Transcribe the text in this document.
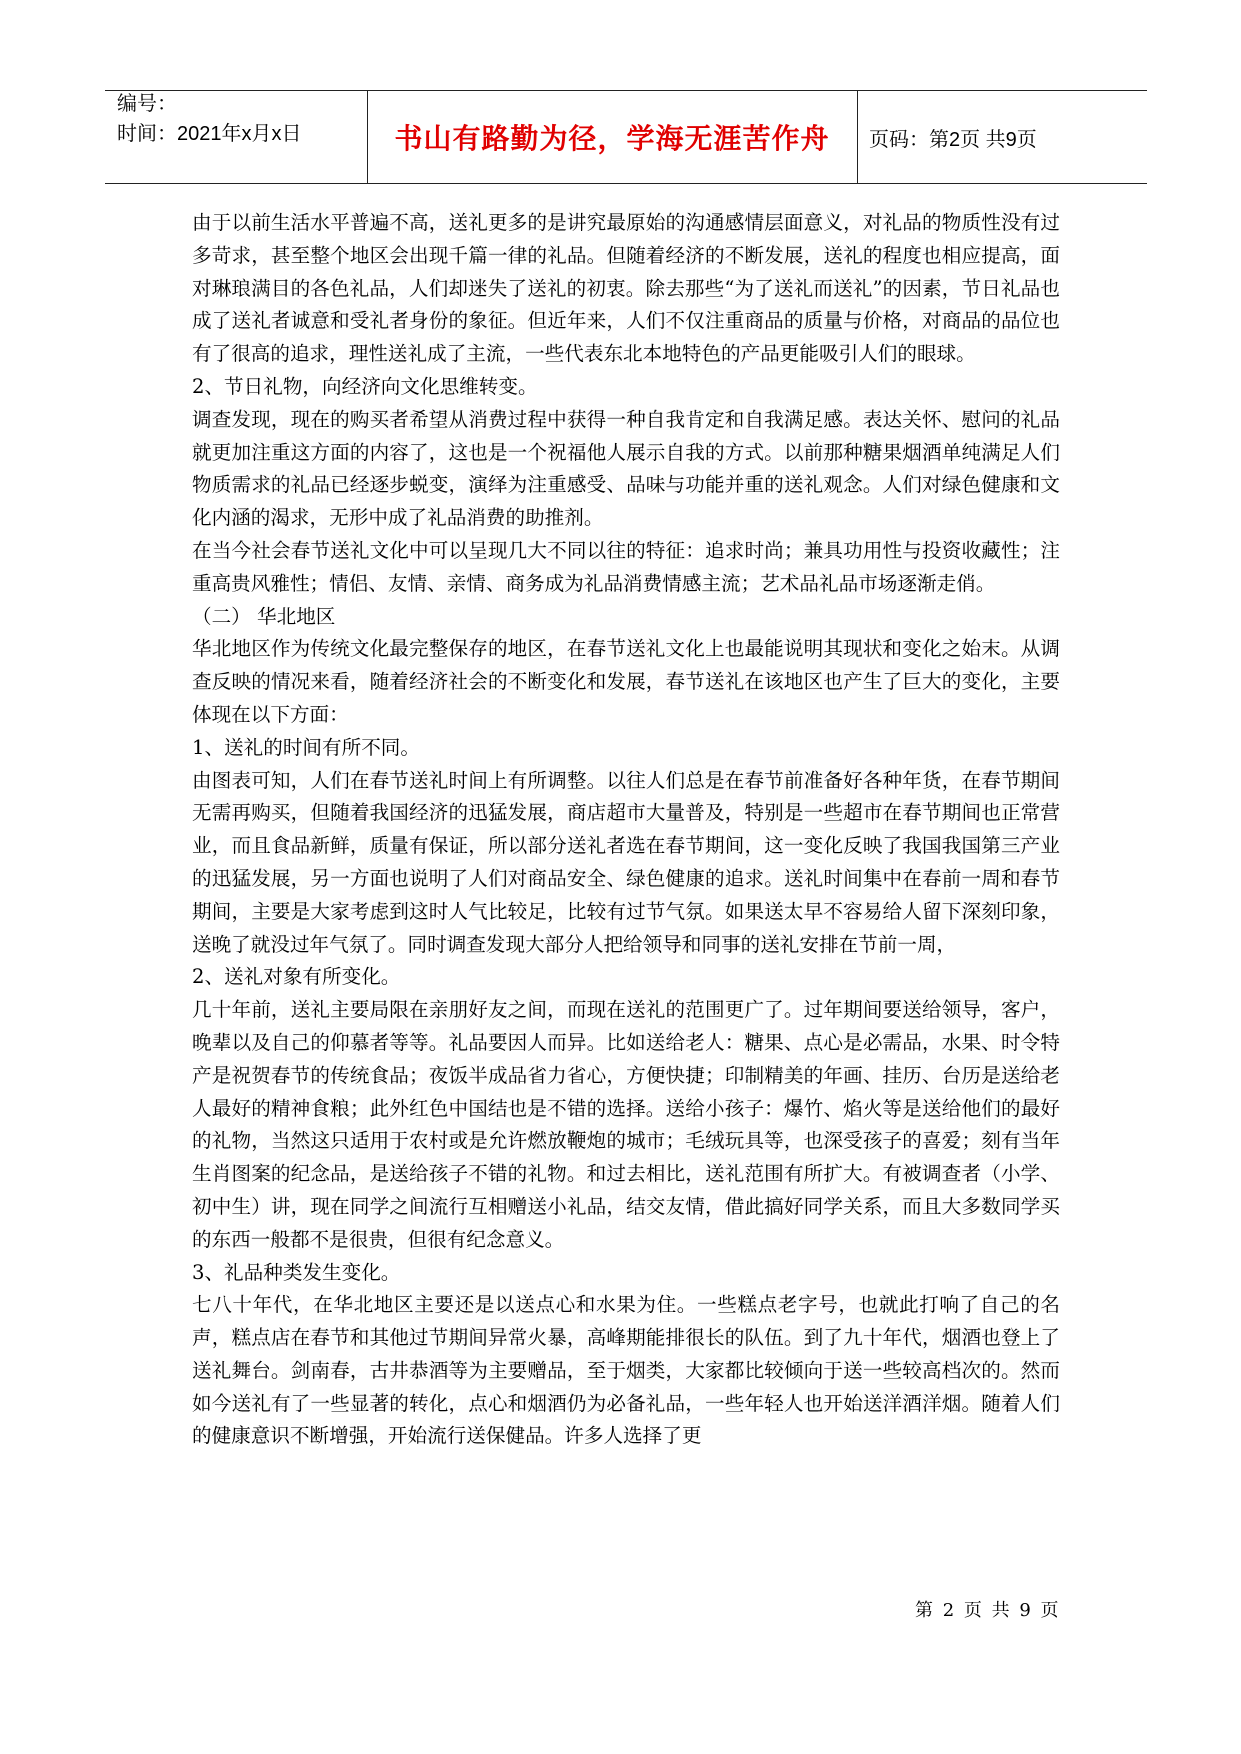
编号：
时间：2021年x月x日	书山有路勤为径，学海无涯苦作舟	页码：第2页 共9页

由于以前生活水平普遍不高，送礼更多的是讲究最原始的沟通感情层面意义，对礼品的物质性没有过多苛求，甚至整个地区会出现千篇一律的礼品。但随着经济的不断发展，送礼的程度也相应提高，面对琳琅满目的各色礼品，人们却迷失了送礼的初衷。除去那些“为了送礼而送礼”的因素，节日礼品也成了送礼者诚意和受礼者身份的象征。但近年来，人们不仅注重商品的质量与价格，对商品的品位也有了很高的追求，理性送礼成了主流，一些代表东北本地特色的产品更能吸引人们的眼球。

2、节日礼物，向经济向文化思维转变。

调查发现，现在的购买者希望从消费过程中获得一种自我肯定和自我满足感。表达关怀、慰问的礼品就更加注重这方面的内容了，这也是一个祝福他人展示自我的方式。以前那种糖果烟酒单纯满足人们物质需求的礼品已经逐步蜕变，演绎为注重感受、品味与功能并重的送礼观念。人们对绿色健康和文化内涵的渴求，无形中成了礼品消费的助推剂。

在当今社会春节送礼文化中可以呈现几大不同以往的特征：追求时尚；兼具功用性与投资收藏性；注重高贵风雅性；情侣、友情、亲情、商务成为礼品消费情感主流；艺术品礼品市场逐渐走俏。

（二） 华北地区

华北地区作为传统文化最完整保存的地区，在春节送礼文化上也最能说明其现状和变化之始末。从调查反映的情况来看，随着经济社会的不断变化和发展，春节送礼在该地区也产生了巨大的变化，主要体现在以下方面：

1、送礼的时间有所不同。

由图表可知，人们在春节送礼时间上有所调整。以往人们总是在春节前准备好各种年货，在春节期间无需再购买，但随着我国经济的迅猛发展，商店超市大量普及，特别是一些超市在春节期间也正常营业，而且食品新鲜，质量有保证，所以部分送礼者选在春节期间，这一变化反映了我国我国第三产业的迅猛发展，另一方面也说明了人们对商品安全、绿色健康的追求。送礼时间集中在春前一周和春节期间，主要是大家考虑到这时人气比较足，比较有过节气氛。如果送太早不容易给人留下深刻印象，送晚了就没过年气氛了。同时调查发现大部分人把给领导和同事的送礼安排在节前一周，

2、送礼对象有所变化。

几十年前，送礼主要局限在亲朋好友之间，而现在送礼的范围更广了。过年期间要送给领导，客户，晚辈以及自己的仰慕者等等。礼品要因人而异。比如送给老人：糖果、点心是必需品，水果、时令特产是祝贺春节的传统食品；夜饭半成品省力省心，方便快捷；印制精美的年画、挂历、台历是送给老人最好的精神食粮；此外红色中国结也是不错的选择。送给小孩子：爆竹、焰火等是送给他们的最好的礼物，当然这只适用于农村或是允许燃放鞭炮的城市；毛绒玩具等，也深受孩子的喜爱；刻有当年生肖图案的纪念品，是送给孩子不错的礼物。和过去相比，送礼范围有所扩大。有被调查者（小学、初中生）讲，现在同学之间流行互相赠送小礼品，结交友情，借此搞好同学关系，而且大多数同学买的东西一般都不是很贵，但很有纪念意义。

3、礼品种类发生变化。

七八十年代，在华北地区主要还是以送点心和水果为住。一些糕点老字号，也就此打响了自己的名声，糕点店在春节和其他过节期间异常火暴，高峰期能排很长的队伍。到了九十年代，烟酒也登上了送礼舞台。剑南春，古井恭酒等为主要赠品，至于烟类，大家都比较倾向于送一些较高档次的。然而如今送礼有了一些显著的转化，点心和烟酒仍为必备礼品，一些年轻人也开始送洋酒洋烟。随着人们的健康意识不断增强，开始流行送保健品。许多人选择了更

第 2 页 共 9 页
